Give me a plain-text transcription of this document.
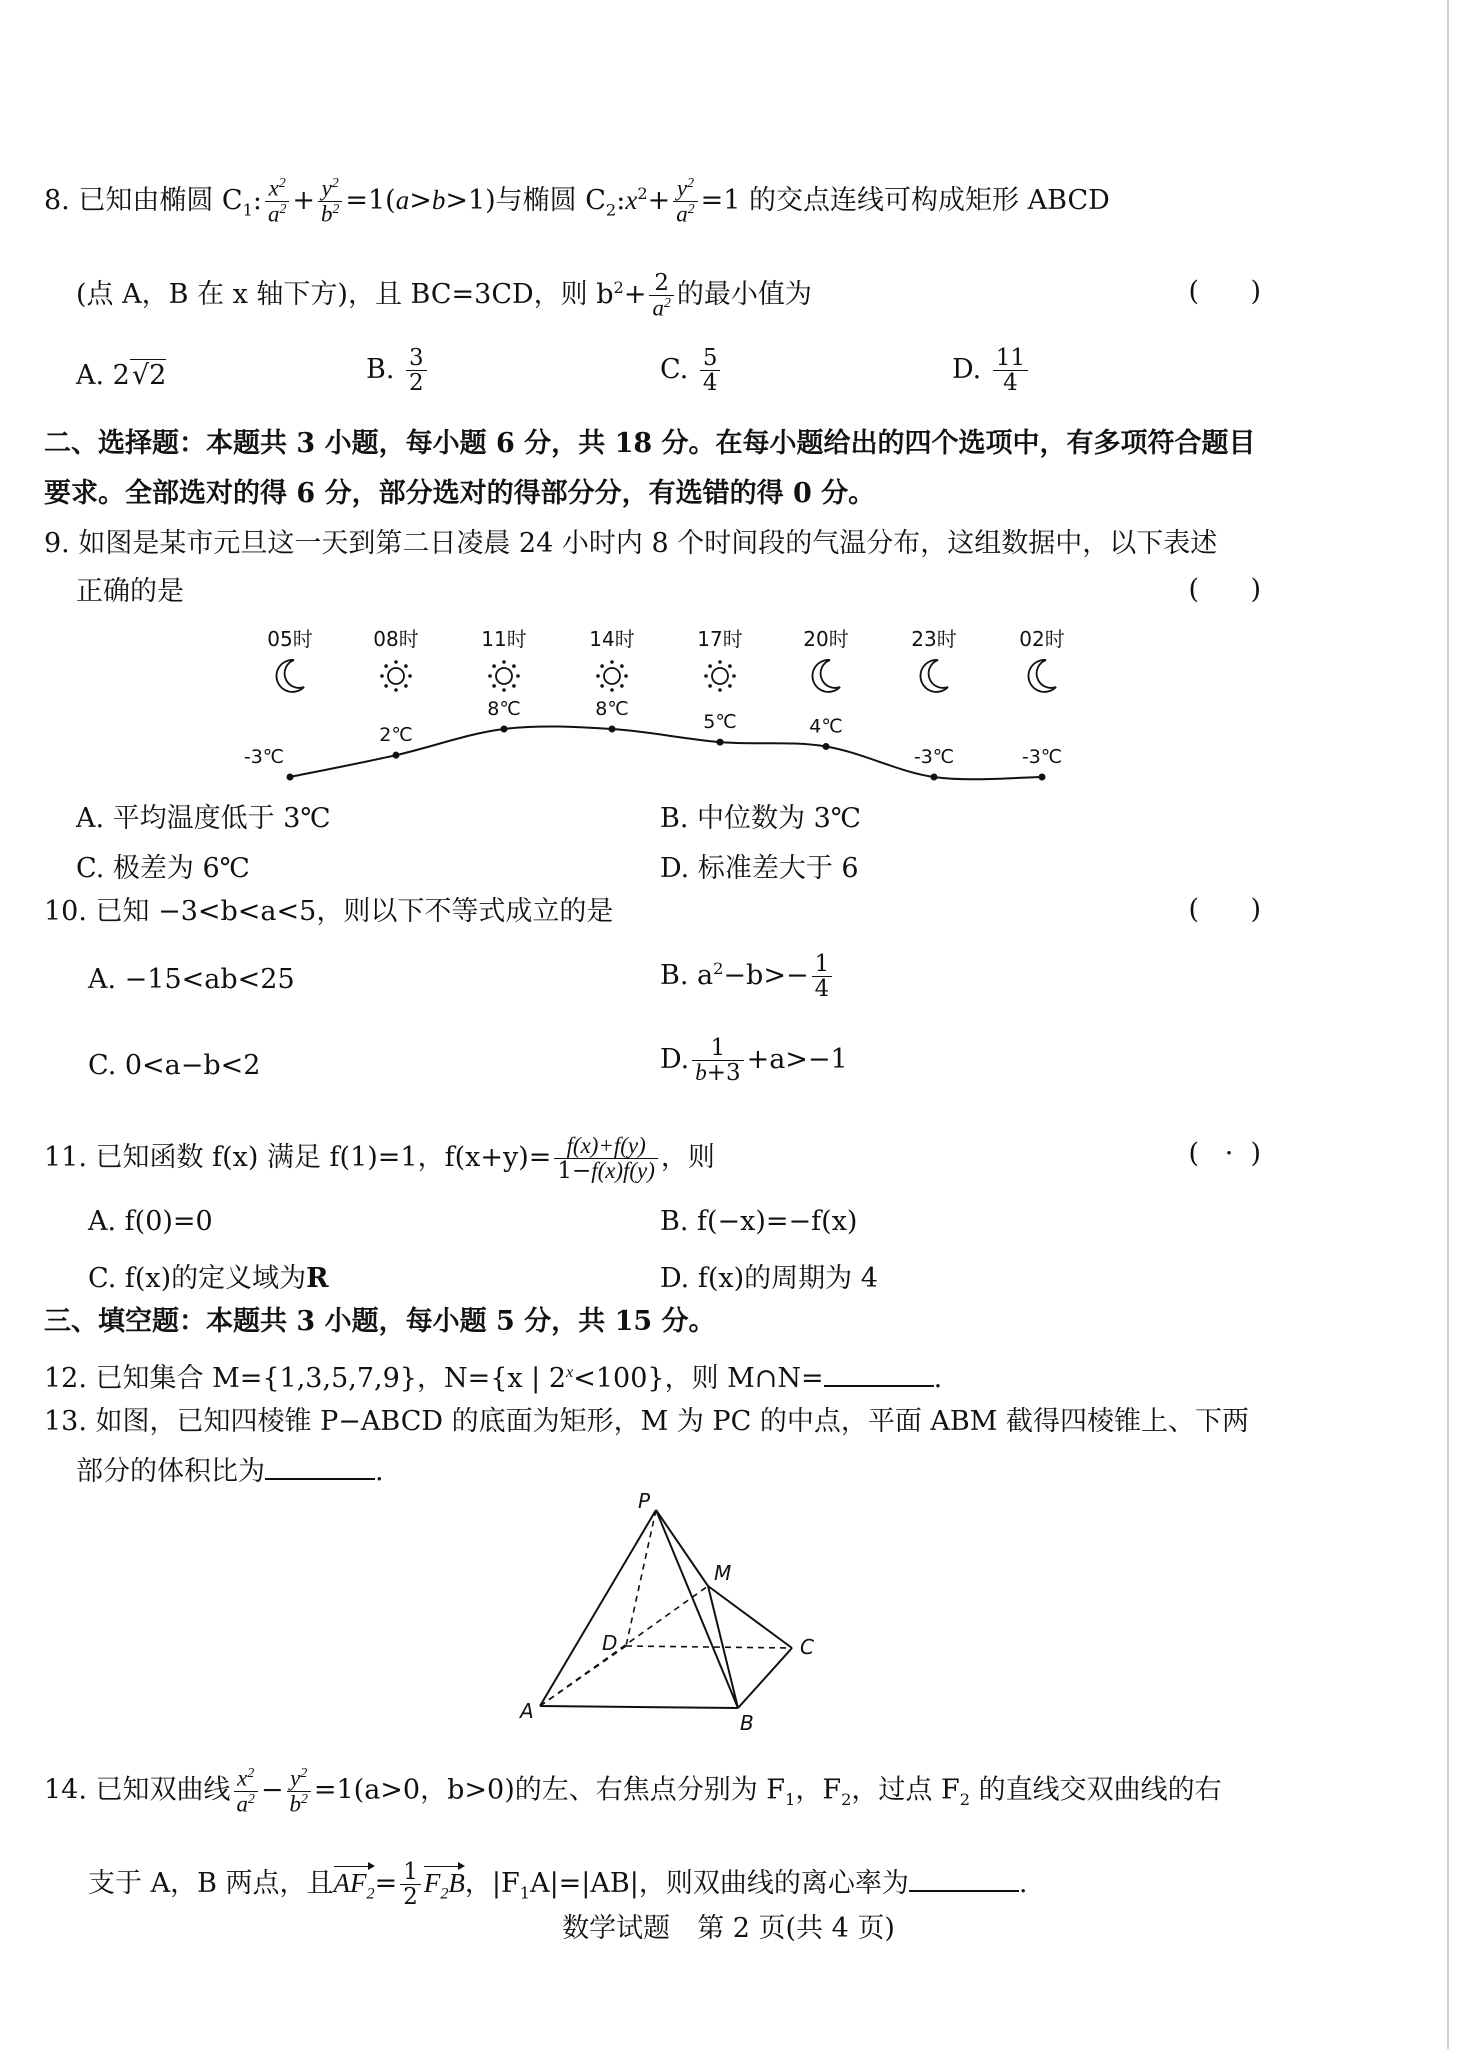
8. 已知由椭圆 $C_1$: $\frac{x^2}{a^2} + \frac{y^2}{b^2} =1(a>b>1)$与椭圆 $C_2:x^2+ \frac{y^2}{a^2} =1$ 的交点连线可构成矩形 ABCD
(点 A，B 在 x 轴下方)，且 BC=3CD，则 $b^2+ \frac{2}{a^2}$ 的最小值为	(      )
A. 2√2	B. $\frac{3}{2}$	C. $\frac{5}{4}$	D. $\frac{11}{4}$
二、选择题：本题共 3 小题，每小题 6 分，共 18 分。在每小题给出的四个选项中，有多项符合题目
要求。全部选对的得 6 分，部分选对的得部分分，有选错的得 0 分。
9. 如图是某市元旦这一天到第二日凌晨 24 小时内 8 个时间段的气温分布，这组数据中，以下表述
正确的是	(      )
05时
-3℃
08时
2℃
11时
8℃
14时
8℃
17时
5℃
20时
4℃
23时
-3℃
02时
-3℃
A. 平均温度低于 3℃	B. 中位数为 3℃
C. 极差为 6℃	D. 标准差大于 6
10. 已知 −3<b<a<5，则以下不等式成立的是	(      )
A. −15<ab<25	B. $a^2-b>- \frac{1}{4}$
C. 0<a−b<2	D. $\frac{1}{b+3} +a>-1$
11. 已知函数 f(x) 满足 f(1)=1，$f(x+y)= \frac{f(x)+f(y)}{1-f(x)f(y)}$ ，则	(   ·  )
A. f(0)=0	B. f(−x)=−f(x)
C. f(x)的定义域为R	D. f(x)的周期为 4
三、填空题：本题共 3 小题，每小题 5 分，共 15 分。
12. 已知集合 M={1,3,5,7,9}，N={x | $2^x<100$}，则 M∩N=	.
13. 如图，已知四棱锥 P−ABCD 的底面为矩形，M 为 PC 的中点，平面 ABM 截得四棱锥上、下两
部分的体积比为	.
P
M
D	C
A	B
14. 已知双曲线 $\frac{x^2}{a^2} - \frac{y^2}{b^2} =1(a>0$，b>0)的左、右焦点分别为 $F_1$，$F_2$，过点 $F_2$ 的直线交双曲线的右
支于 A，B 两点，且$AF_2= \frac{1}{2} F_2B$，$|F_1A|=|AB|$，则双曲线的离心率为	.
数学试题　第 2 页(共 4 页)
